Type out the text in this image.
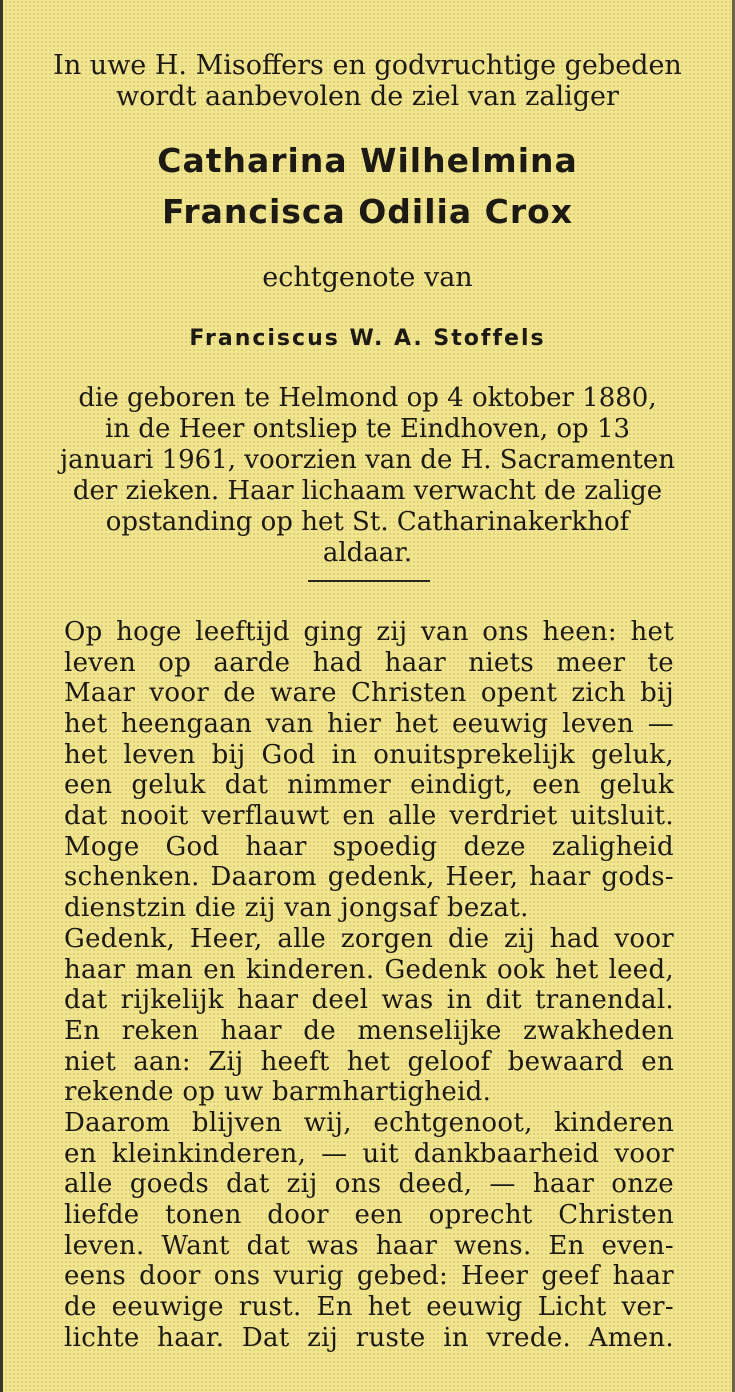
In uwe H. Misoffers en godvruchtige gebeden

wordt aanbevolen de ziel van zaliger

Catharina Wilhelmina

Francisca Odilia Crox

echtgenote van

Franciscus W. A. Stoffels

die geboren te Helmond op 4 oktober 1880,

in de Heer ontsliep te Eindhoven, op 13

januari 1961, voorzien van de H. Sacramenten

der zieken. Haar lichaam verwacht de zalige

opstanding op het St. Catharinakerkhof

aldaar.

Op hoge leeftijd ging zij van ons heen: het

leven op aarde had haar niets meer te

Maar voor de ware Christen opent zich bij

het heengaan van hier het eeuwig leven —

het leven bij God in onuitsprekelijk geluk,

een geluk dat nimmer eindigt, een geluk

dat nooit verflauwt en alle verdriet uitsluit.

Moge God haar spoedig deze zaligheid

schenken. Daarom gedenk, Heer, haar gods-

dienstzin die zij van jongsaf bezat.

Gedenk, Heer, alle zorgen die zij had voor

haar man en kinderen. Gedenk ook het leed,

dat rijkelijk haar deel was in dit tranendal.

En reken haar de menselijke zwakheden

niet aan: Zij heeft het geloof bewaard en

rekende op uw barmhartigheid.

Daarom blijven wij, echtgenoot, kinderen

en kleinkinderen, — uit dankbaarheid voor

alle goeds dat zij ons deed, — haar onze

liefde tonen door een oprecht Christen

leven. Want dat was haar wens. En even-

eens door ons vurig gebed: Heer geef haar

de eeuwige rust. En het eeuwig Licht ver-

lichte haar. Dat zij ruste in vrede. Amen.
